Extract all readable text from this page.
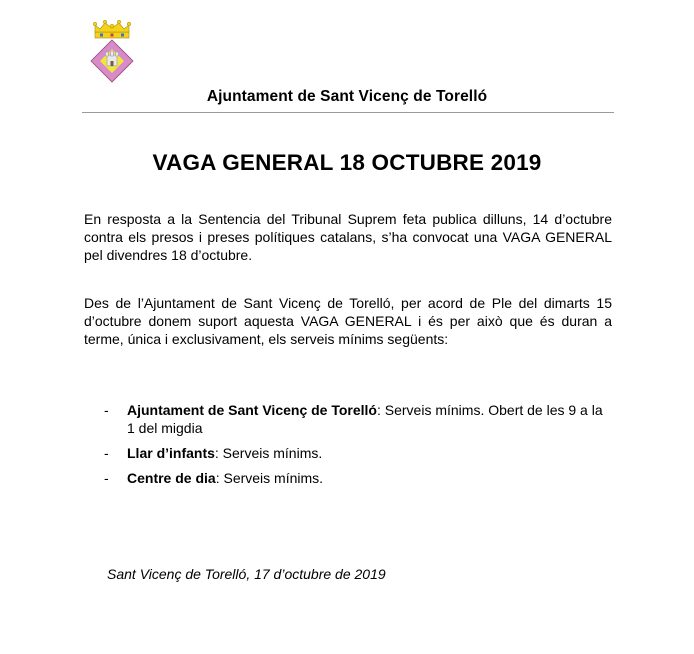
Ajuntament de Sant Vicenç de Torelló
VAGA GENERAL 18 OCTUBRE 2019

En resposta a la Sentencia del Tribunal Suprem feta publica dilluns, 14 d’octubre contra els presos i preses polítiques catalans, s’ha convocat una VAGA GENERAL pel divendres 18 d’octubre.

Des de l’Ajuntament de Sant Vicenç de Torelló, per acord de Ple del dimarts 15 d’octubre donem suport aquesta VAGA GENERAL i és per això que és duran a terme, única i exclusivament, els serveis mínims següents:

- Ajuntament de Sant Vicenç de Torelló: Serveis mínims. Obert de les 9 a la 1 del migdia
- Llar d’infants: Serveis mínims.
- Centre de dia: Serveis mínims.
Sant Vicenç de Torelló, 17 d’octubre de 2019
